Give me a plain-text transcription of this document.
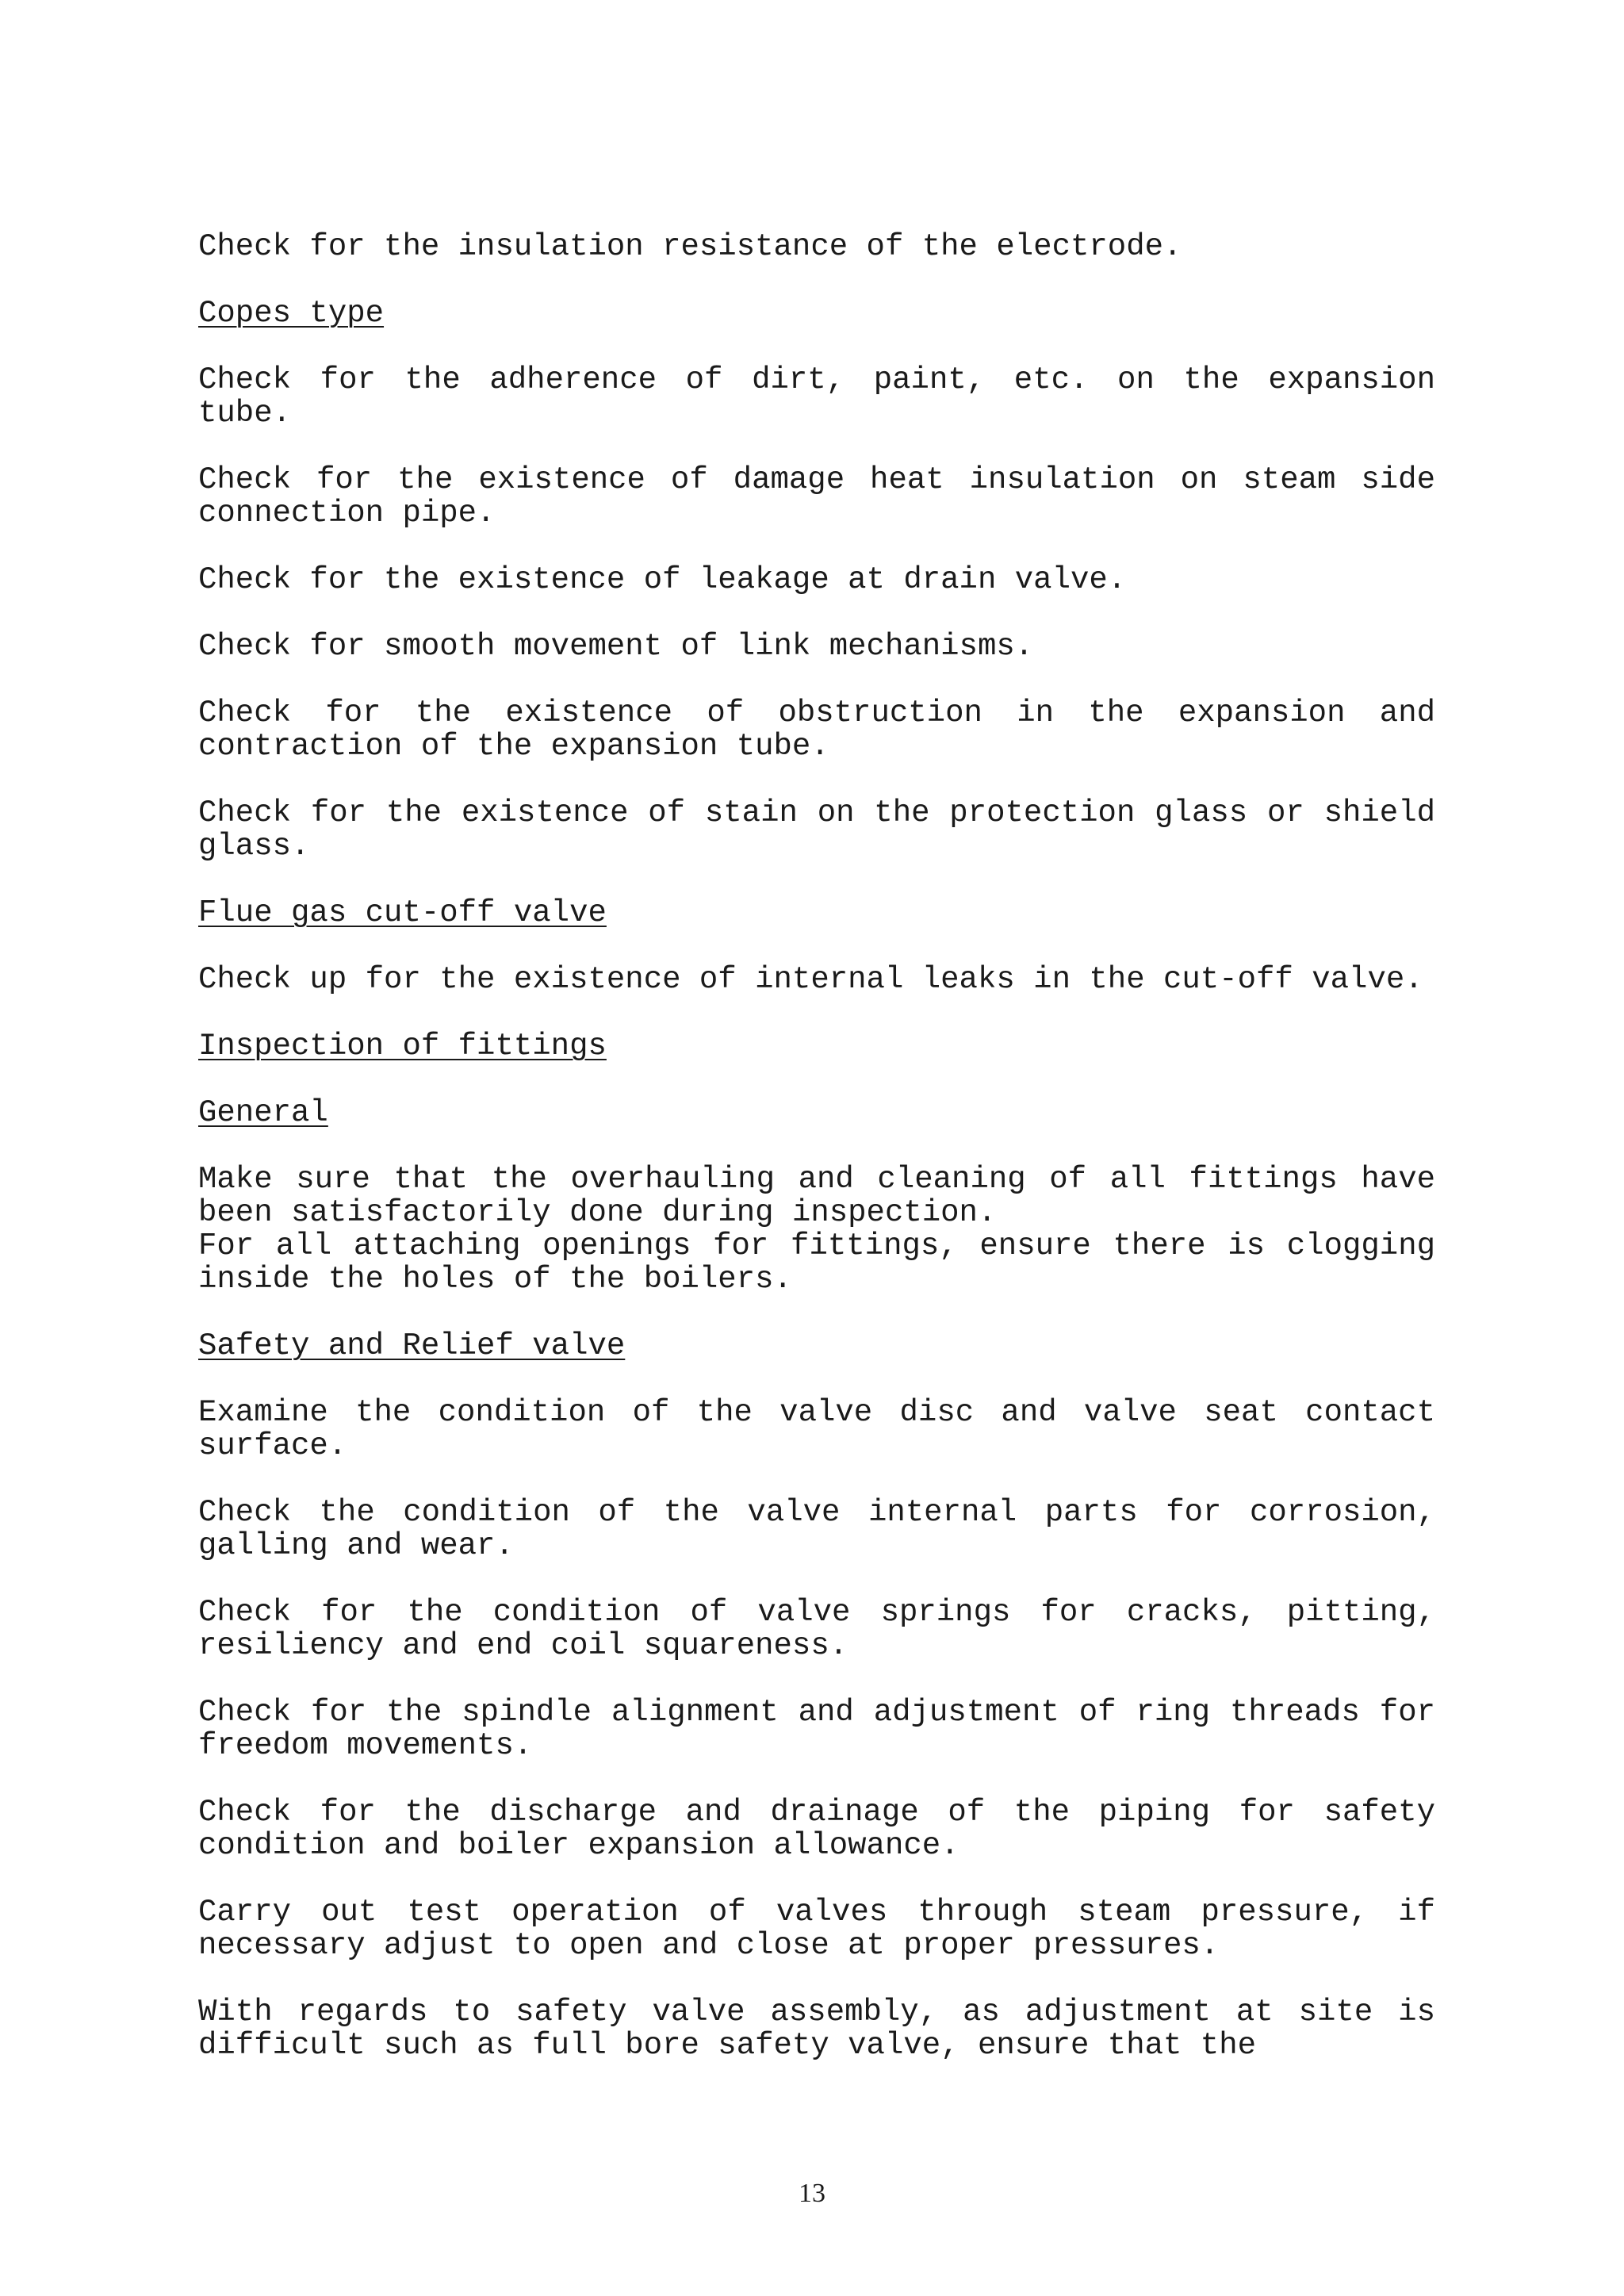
Check for the insulation resistance of the electrode.
Copes type
Check for the adherence of dirt, paint, etc. on the expansion tube.
Check for the existence of damage heat insulation on steam side connection pipe.
Check for the existence of leakage at drain valve.
Check for smooth movement of link mechanisms.
Check for the existence of obstruction in the expansion and contraction of the expansion tube.
Check for the existence of stain on the protection glass or shield glass.
Flue gas cut-off valve
Check up for the existence of internal leaks in the cut-off valve.
Inspection of fittings
General
Make sure that the overhauling and cleaning of all fittings have been satisfactorily done during inspection.
For all attaching openings for fittings, ensure there is clogging inside the holes of the boilers.
Safety and Relief valve
Examine the condition of the valve disc and valve seat contact surface.
Check the condition of the valve internal parts for corrosion, galling and wear.
Check for the condition of valve springs for cracks, pitting, resiliency and end coil squareness.
Check for the spindle alignment and adjustment of ring threads for freedom movements.
Check for the discharge and drainage of the piping for safety condition and boiler expansion allowance.
Carry out test operation of valves through steam pressure, if necessary adjust to open and close at proper pressures.
With regards to safety valve assembly, as adjustment at site is difficult such as full bore safety valve, ensure that the
13
